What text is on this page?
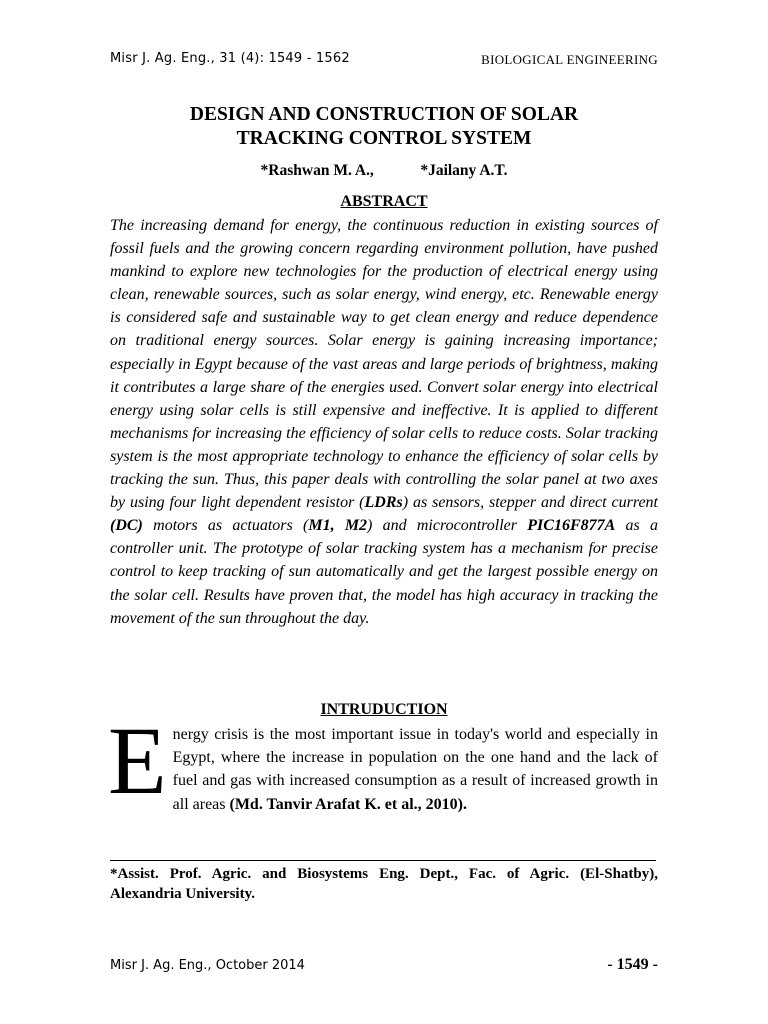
Misr J. Ag. Eng., 31 (4): 1549 - 1562	BIOLOGICAL ENGINEERING
DESIGN AND CONSTRUCTION OF SOLAR
TRACKING CONTROL SYSTEM
*Rashwan M. A.,	*Jailany A.T.
ABSTRACT

The increasing demand for energy, the continuous reduction in existing sources of fossil fuels and the growing concern regarding environment pollution, have pushed mankind to explore new technologies for the production of electrical energy using clean, renewable sources, such as solar energy, wind energy, etc. Renewable energy is considered safe and sustainable way to get clean energy and reduce dependence on traditional energy sources. Solar energy is gaining increasing importance; especially in Egypt because of the vast areas and large periods of brightness, making it contributes a large share of the energies used. Convert solar energy into electrical energy using solar cells is still expensive and ineffective. It is applied to different mechanisms for increasing the efficiency of solar cells to reduce costs. Solar tracking system is the most appropriate technology to enhance the efficiency of solar cells by tracking the sun. Thus, this paper deals with controlling the solar panel at two axes by using four light dependent resistor (LDRs) as sensors, stepper and direct current (DC) motors as actuators (M1, M2) and microcontroller PIC16F877A as a controller unit. The prototype of solar tracking system has a mechanism for precise control to keep tracking of sun automatically and get the largest possible energy on the solar cell. Results have proven that, the model has high accuracy in tracking the movement of the sun throughout the day.

INTRUDUCTION

Energy crisis is the most important issue in today's world and especially in Egypt, where the increase in population on the one hand and the lack of fuel and gas with increased consumption as a result of increased growth in all areas (Md. Tanvir Arafat K. et al., 2010).

*Assist. Prof. Agric. and Biosystems Eng. Dept., Fac. of Agric. (El-Shatby), Alexandria University.

Misr J. Ag. Eng., October 2014	- 1549 -
